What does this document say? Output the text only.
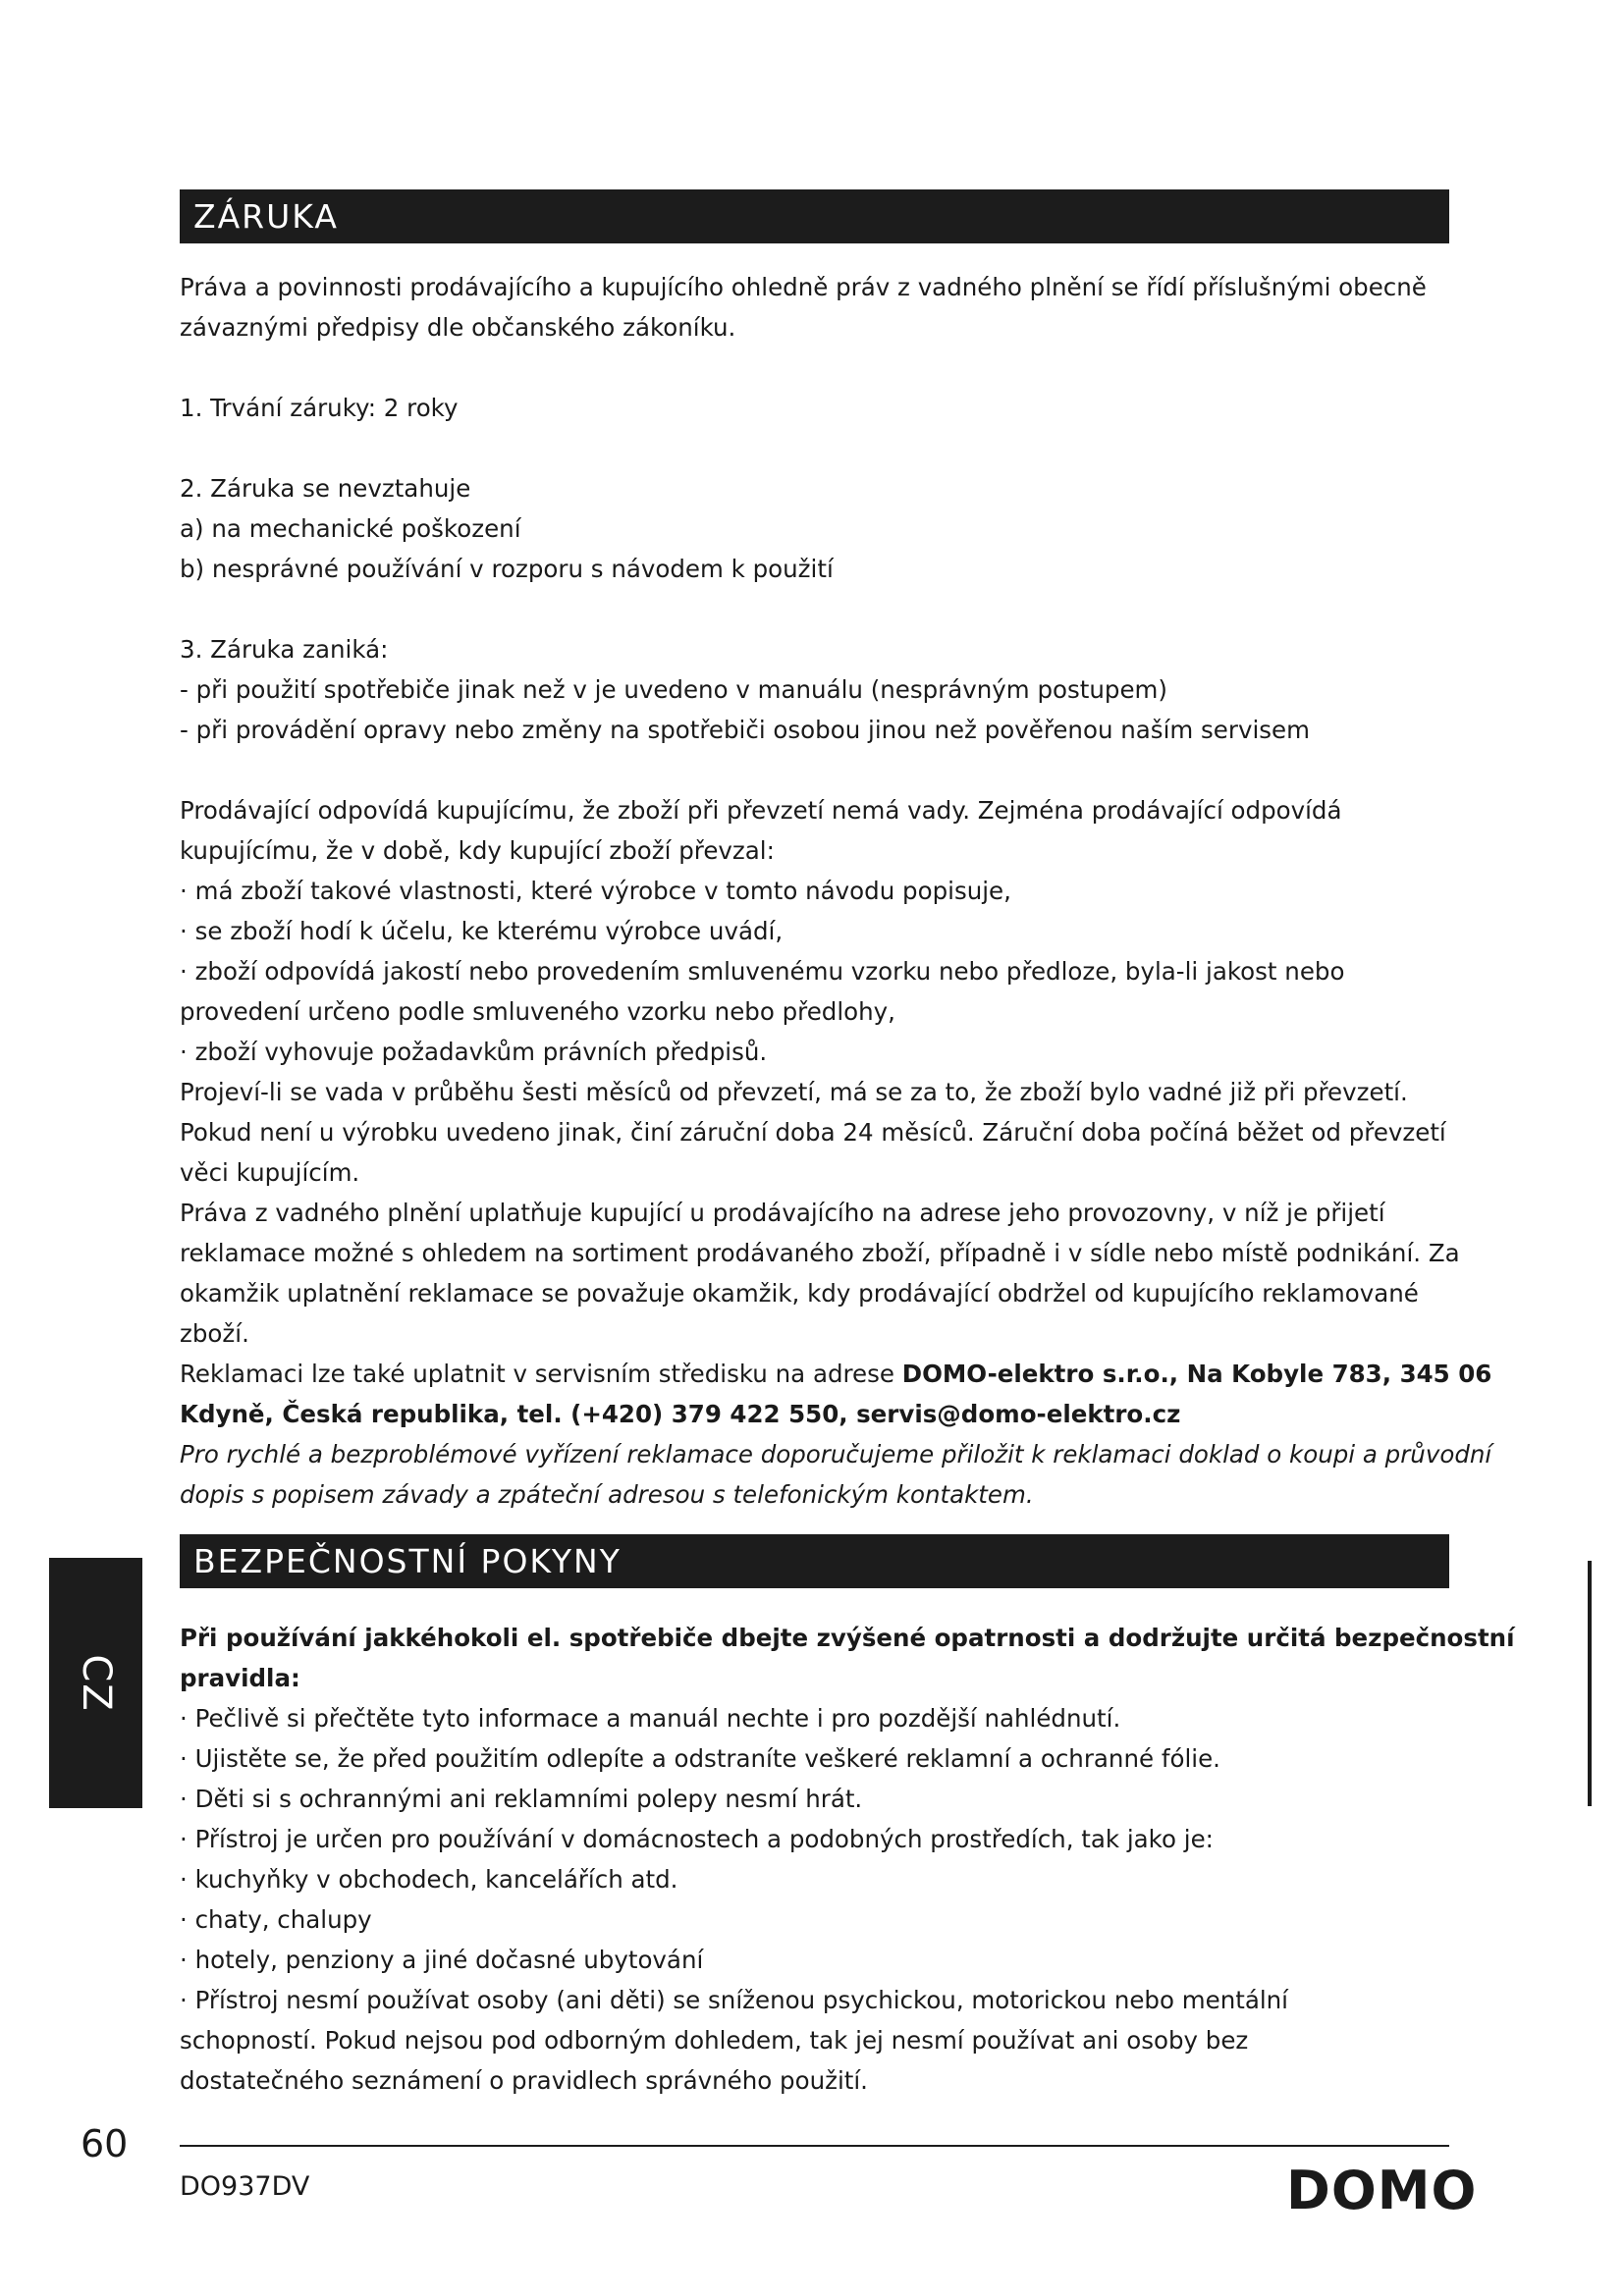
ZÁRUKA

Práva a povinnosti prodávajícího a kupujícího ohledně práv z vadného plnění se řídí příslušnými obecně

závaznými předpisy dle občanského zákoníku.

1. Trvání záruky: 2 roky

2. Záruka se nevztahuje

a) na mechanické poškození

b) nesprávné používání v rozporu s návodem k použití

3. Záruka zaniká:

- při použití spotřebiče jinak než v je uvedeno v manuálu (nesprávným postupem)

- při provádění opravy nebo změny na spotřebiči osobou jinou než pověřenou naším servisem

Prodávající odpovídá kupujícímu, že zboží při převzetí nemá vady. Zejména prodávající odpovídá

kupujícímu, že v době, kdy kupující zboží převzal:

· má zboží takové vlastnosti, které výrobce v tomto návodu popisuje,

· se zboží hodí k účelu, ke kterému výrobce uvádí,

· zboží odpovídá jakostí nebo provedením smluvenému vzorku nebo předloze, byla-li jakost nebo

provedení určeno podle smluveného vzorku nebo předlohy,

· zboží vyhovuje požadavkům právních předpisů.

Projeví-li se vada v průběhu šesti měsíců od převzetí, má se za to, že zboží bylo vadné již při převzetí.

Pokud není u výrobku uvedeno jinak, činí záruční doba 24 měsíců. Záruční doba počíná běžet od převzetí

věci kupujícím.

Práva z vadného plnění uplatňuje kupující u prodávajícího na adrese jeho provozovny, v níž je přijetí

reklamace možné s ohledem na sortiment prodávaného zboží, případně i v sídle nebo místě podnikání. Za

okamžik uplatnění reklamace se považuje okamžik, kdy prodávající obdržel od kupujícího reklamované

zboží.

Reklamaci lze také uplatnit v servisním středisku na adrese DOMO-elektro s.r.o., Na Kobyle 783, 345 06

Kdyně, Česká republika, tel. (+420) 379 422 550, servis@domo-elektro.cz

Pro rychlé a bezproblémové vyřízení reklamace doporučujeme přiložit k reklamaci doklad o koupi a průvodní

dopis s popisem závady a zpáteční adresou s telefonickým kontaktem.

BEZPEČNOSTNÍ POKYNY

Při používání jakkéhokoli el. spotřebiče dbejte zvýšené opatrnosti a dodržujte určitá bezpečnostní

pravidla:

· Pečlivě si přečtěte tyto informace a manuál nechte i pro pozdější nahlédnutí.

· Ujistěte se, že před použitím odlepíte a odstraníte veškeré reklamní a ochranné fólie.

· Děti si s ochrannými ani reklamními polepy nesmí hrát.

· Přístroj je určen pro používání v domácnostech a podobných prostředích, tak jako je:

· kuchyňky v obchodech, kancelářích atd.

· chaty, chalupy

· hotely, penziony a jiné dočasné ubytování

· Přístroj nesmí používat osoby (ani děti) se sníženou psychickou, motorickou nebo mentální

schopností. Pokud nejsou pod odborným dohledem, tak jej nesmí používat ani osoby bez

dostatečného seznámení o pravidlech správného použití.

CZ
60
DO937DV	DOMO
